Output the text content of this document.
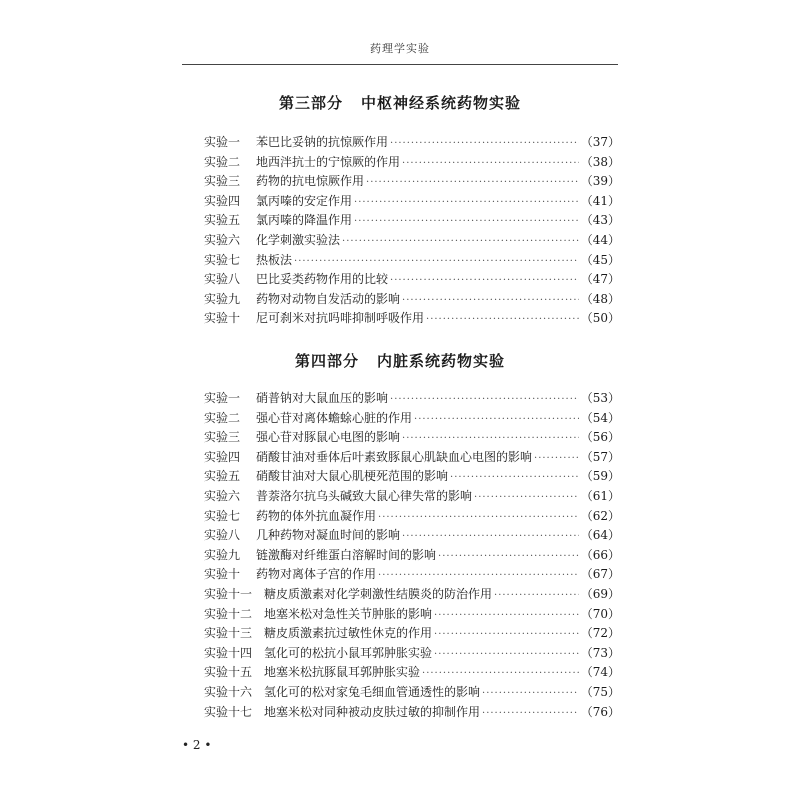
药理学实验
第三部分 中枢神经系统药物实验
实验一	苯巴比妥钠的抗惊厥作用 ·····	（37）
实验二	地西泮抗士的宁惊厥的作用 ·····	（38）
实验三	药物的抗电惊厥作用 ·····	（39）
实验四	氯丙嗪的安定作用 ·····	（41）
实验五	氯丙嗪的降温作用 ·····	（43）
实验六	化学刺激实验法 ·····	（44）
实验七	热板法 ·····	（45）
实验八	巴比妥类药物作用的比较 ·····	（47）
实验九	药物对动物自发活动的影响 ·····	（48）
实验十	尼可刹米对抗吗啡抑制呼吸作用 ·····	（50）
第四部分 内脏系统药物实验
实验一	硝普钠对大鼠血压的影响 ·····	（53）
实验二	强心苷对离体蟾蜍心脏的作用 ·····	（54）
实验三	强心苷对豚鼠心电图的影响 ·····	（56）
实验四	硝酸甘油对垂体后叶素致豚鼠心肌缺血心电图的影响 ·····	（57）
实验五	硝酸甘油对大鼠心肌梗死范围的影响 ·····	（59）
实验六	普萘洛尔抗乌头碱致大鼠心律失常的影响 ·····	（61）
实验七	药物的体外抗血凝作用 ·····	（62）
实验八	几种药物对凝血时间的影响 ·····	（64）
实验九	链激酶对纤维蛋白溶解时间的影响 ·····	（66）
实验十	药物对离体子宫的作用 ·····	（67）
实验十一 糖皮质激素对化学刺激性结膜炎的防治作用 ·····	（69）
实验十二 地塞米松对急性关节肿胀的影响 ·····	（70）
实验十三 糖皮质激素抗过敏性休克的作用 ·····	（72）
实验十四 氢化可的松抗小鼠耳郭肿胀实验 ·····	（73）
实验十五 地塞米松抗豚鼠耳郭肿胀实验 ·····	（74）
实验十六 氢化可的松对家兔毛细血管通透性的影响 ·····	（75）
实验十七 地塞米松对同种被动皮肤过敏的抑制作用 ·····	（76）
• 2 •
